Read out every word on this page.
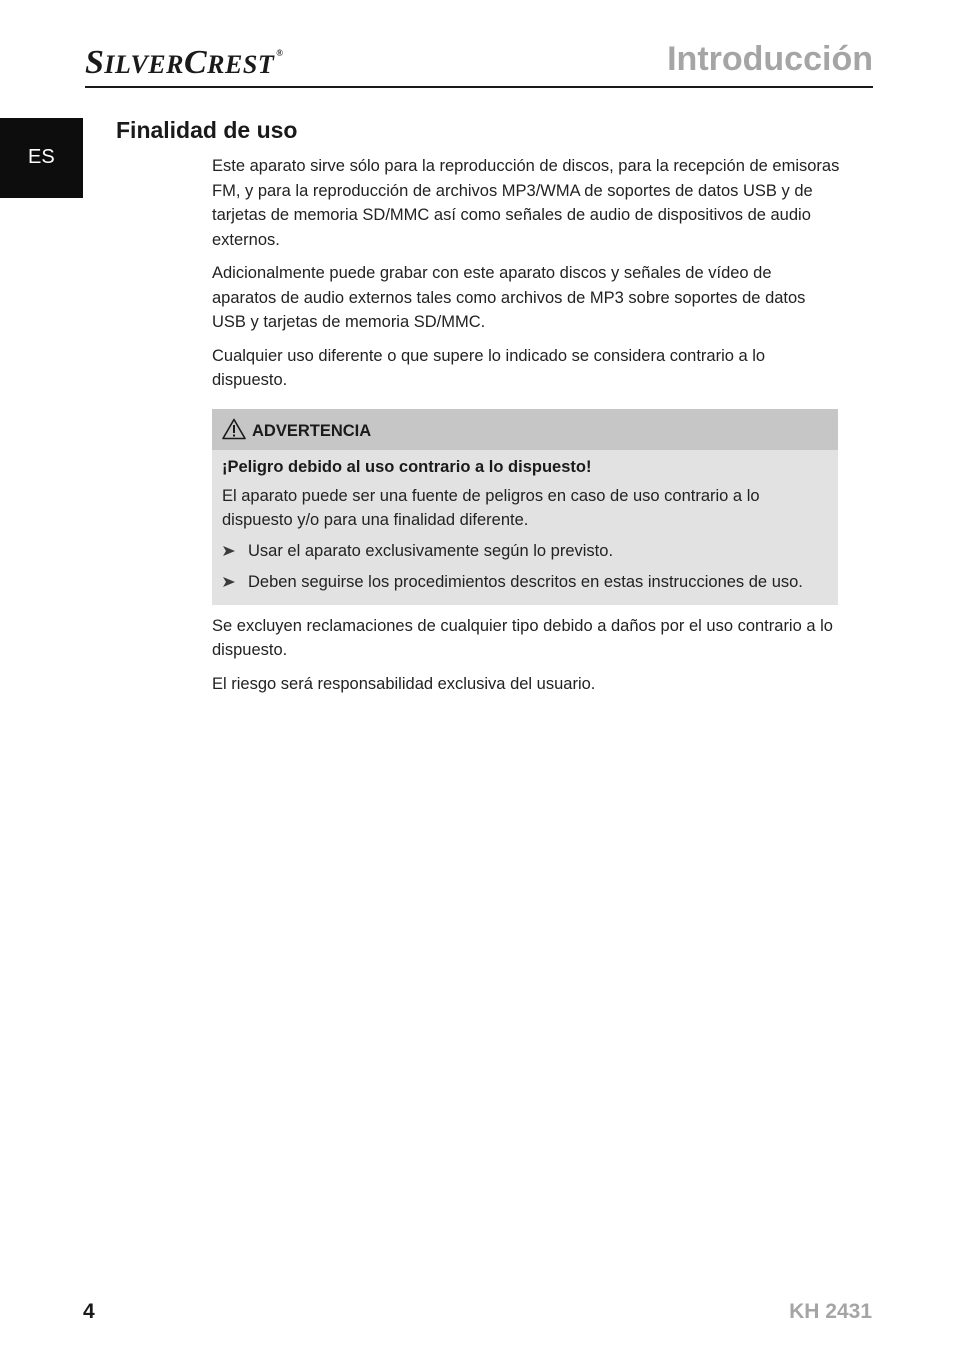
SILVERCREST ®	Introducción
ES
Finalidad de uso

Este aparato sirve sólo para la reproducción de discos, para la recepción de emisoras FM, y para la reproducción de archivos MP3/WMA de soportes de datos USB y de tarjetas de memoria SD/MMC así como señales de audio de dispositivos de audio externos.

Adicionalmente puede grabar con este aparato discos y señales de vídeo de aparatos de audio externos tales como archivos de MP3 sobre soportes de datos USB y tarjetas de memoria SD/MMC.

Cualquier uso diferente o que supere lo indicado se considera contrario a lo dispuesto.

ADVERTENCIA

¡Peligro debido al uso contrario a lo dispuesto!

El aparato puede ser una fuente de peligros en caso de uso contrario a lo dispuesto y/o para una finalidad diferente.

Usar el aparato exclusivamente según lo previsto.
Deben seguirse los procedimientos descritos en estas instrucciones de uso.

Se excluyen reclamaciones de cualquier tipo debido a daños por el uso contrario a lo dispuesto.

El riesgo será responsabilidad exclusiva del usuario.

4	KH 2431
